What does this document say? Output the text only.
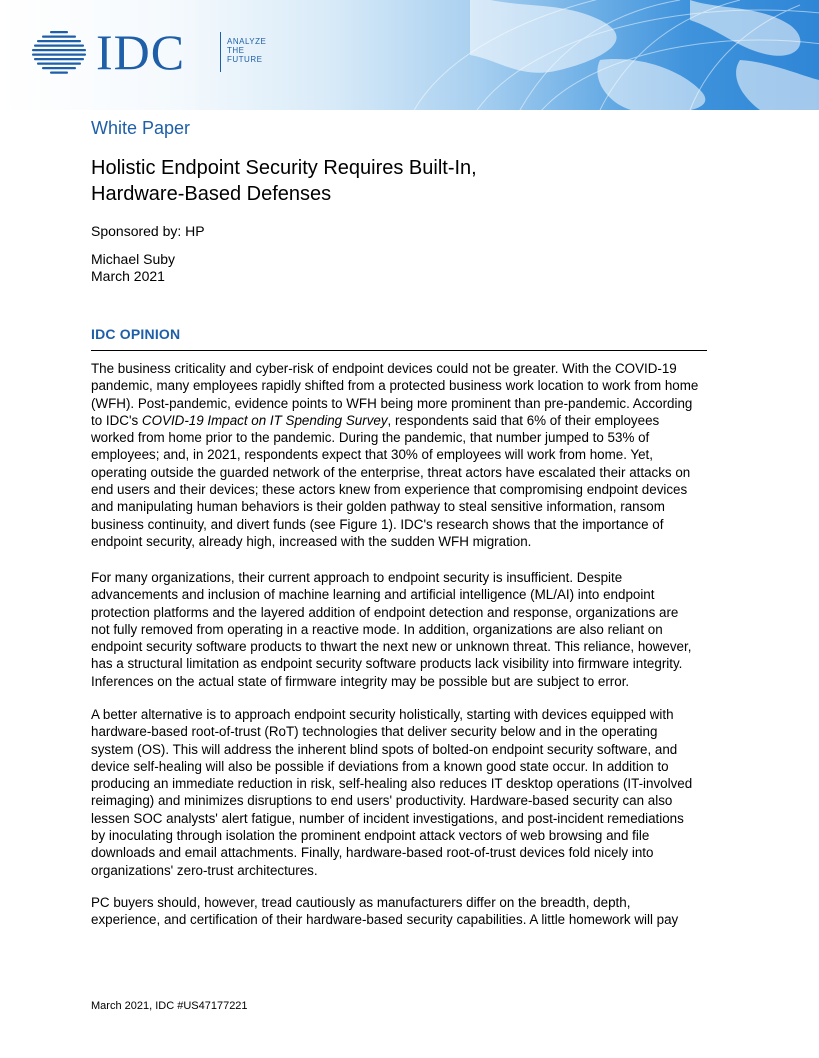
IDC	ANALYZE
THE
FUTURE
White Paper
Holistic Endpoint Security Requires Built-In,
Hardware-Based Defenses
Sponsored by: HP
Michael Suby
March 2021
IDC OPINION
The business criticality and cyber-risk of endpoint devices could not be greater. With the COVID-19
pandemic, many employees rapidly shifted from a protected business work location to work from home
(WFH). Post-pandemic, evidence points to WFH being more prominent than pre-pandemic. According
to IDC's COVID-19 Impact on IT Spending Survey, respondents said that 6% of their employees
worked from home prior to the pandemic. During the pandemic, that number jumped to 53% of
employees; and, in 2021, respondents expect that 30% of employees will work from home. Yet,
operating outside the guarded network of the enterprise, threat actors have escalated their attacks on
end users and their devices; these actors knew from experience that compromising endpoint devices
and manipulating human behaviors is their golden pathway to steal sensitive information, ransom
business continuity, and divert funds (see Figure 1). IDC's research shows that the importance of
endpoint security, already high, increased with the sudden WFH migration.
For many organizations, their current approach to endpoint security is insufficient. Despite
advancements and inclusion of machine learning and artificial intelligence (ML/AI) into endpoint
protection platforms and the layered addition of endpoint detection and response, organizations are
not fully removed from operating in a reactive mode. In addition, organizations are also reliant on
endpoint security software products to thwart the next new or unknown threat. This reliance, however,
has a structural limitation as endpoint security software products lack visibility into firmware integrity.
Inferences on the actual state of firmware integrity may be possible but are subject to error.
A better alternative is to approach endpoint security holistically, starting with devices equipped with
hardware-based root-of-trust (RoT) technologies that deliver security below and in the operating
system (OS). This will address the inherent blind spots of bolted-on endpoint security software, and
device self-healing will also be possible if deviations from a known good state occur. In addition to
producing an immediate reduction in risk, self-healing also reduces IT desktop operations (IT-involved
reimaging) and minimizes disruptions to end users' productivity. Hardware-based security can also
lessen SOC analysts' alert fatigue, number of incident investigations, and post-incident remediations
by inoculating through isolation the prominent endpoint attack vectors of web browsing and file
downloads and email attachments. Finally, hardware-based root-of-trust devices fold nicely into
organizations' zero-trust architectures.
PC buyers should, however, tread cautiously as manufacturers differ on the breadth, depth,
experience, and certification of their hardware-based security capabilities. A little homework will pay
March 2021, IDC #US47177221
